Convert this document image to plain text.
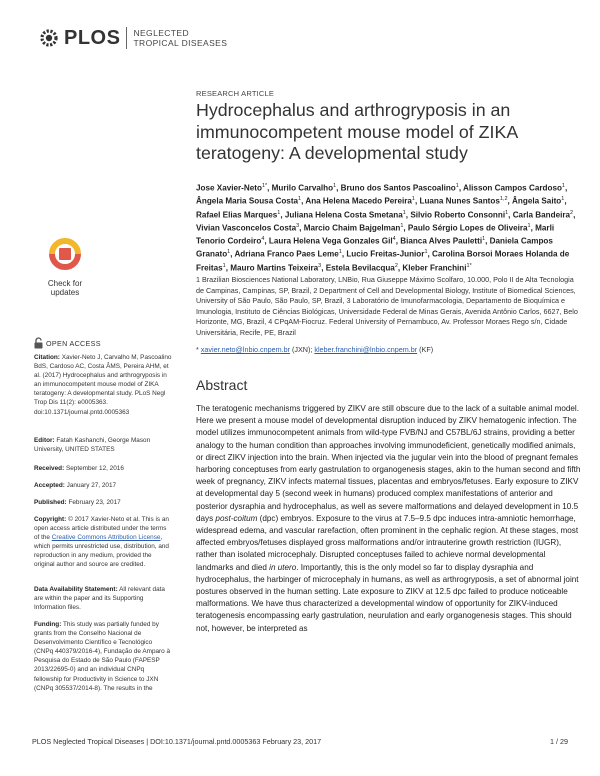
PLOS NEGLECTED
TROPICAL DISEASES
RESEARCH ARTICLE
Hydrocephalus and arthrogryposis in an immunocompetent mouse model of ZIKA teratogeny: A developmental study
Jose Xavier-Neto$^{1*}$, Murilo Carvalho$^1$, Bruno dos Santos Pascoalino$^1$, Alisson Campos Cardoso$^1$, Ângela Maria Sousa Costa$^1$, Ana Helena Macedo Pereira$^1$, Luana Nunes Santos$^{1,2}$, Ângela Saito$^1$, Rafael Elias Marques$^1$, Juliana Helena Costa Smetana$^1$, Silvio Roberto Consonni$^1$, Carla Bandeira$^2$, Vivian Vasconcelos Costa$^3$, Marcio Chaim Bajgelman$^1$, Paulo Sérgio Lopes de Oliveira$^1$, Marli Tenorio Cordeiro$^4$, Laura Helena Vega Gonzales Gil$^4$, Bianca Alves Pauletti$^1$, Daniela Campos Granato$^1$, Adriana Franco Paes Leme$^1$, Lucio Freitas-Junior$^1$, Carolina Borsoi Moraes Holanda de Freitas$^1$, Mauro Martins Teixeira$^3$, Estela Bevilacqua$^2$, Kleber Franchini$^{1*}$
1 Brazilian Biosciences National Laboratory, LNBio, Rua Giuseppe Máximo Scolfaro, 10.000, Polo II de Alta Tecnologia de Campinas, Campinas, SP, Brazil, 2 Department of Cell and Developmental Biology, Institute of Biomedical Sciences, University of São Paulo, São Paulo, SP, Brazil, 3 Laboratório de Imunofarmacologia, Departamento de Bioquímica e Imunologia, Instituto de Ciências Biológicas, Universidade Federal de Minas Gerais, Avenida Antônio Carlos, 6627, Belo Horizonte, MG, Brazil, 4 CPqAM-Fiocruz. Federal University of Pernambuco, Av. Professor Moraes Rego s/n, Cidade Universitária, Recife, PE, Brazil
* xavier.neto@lnbio.cnpem.br (JXN); kleber.franchini@lnbio.cnpem.br (KF)
Abstract
The teratogenic mechanisms triggered by ZIKV are still obscure due to the lack of a suitable animal model. Here we present a mouse model of developmental disruption induced by ZIKV hematogenic infection. The model utilizes immunocompetent animals from wild-type FVB/NJ and C57BL/6J strains, providing a better analogy to the human condition than approaches involving immunodeficient, genetically modified animals, or direct ZIKV injection into the brain. When injected via the jugular vein into the blood of pregnant females harboring conceptuses from early gastrulation to organogenesis stages, akin to the human second and fifth week of pregnancy, ZIKV infects maternal tissues, placentas and embryos/fetuses. Early exposure to ZIKV at developmental day 5 (second week in humans) produced complex manifestations of anterior and posterior dysraphia and hydrocephalus, as well as severe malformations and delayed development in 10.5 days post-coitum (dpc) embryos. Exposure to the virus at 7.5–9.5 dpc induces intra-amniotic hemorrhage, widespread edema, and vascular rarefaction, often prominent in the cephalic region. At these stages, most affected embryos/fetuses displayed gross malformations and/or intrauterine growth restriction (IUGR), rather than isolated microcephaly. Disrupted conceptuses failed to achieve normal developmental landmarks and died in utero. Importantly, this is the only model so far to display dysraphia and hydrocephalus, the harbinger of microcephaly in humans, as well as arthrogryposis, a set of abnormal joint postures observed in the human setting. Late exposure to ZIKV at 12.5 dpc failed to produce noticeable malformations. We have thus characterized a developmental window of opportunity for ZIKV-induced teratogenesis encompassing early gastrulation, neurulation and early organogenesis stages. This should not, however, be interpreted as
Check for
updates
OPEN ACCESS
Citation: Xavier-Neto J, Carvalho M, Pascoalino BdS, Cardoso AC, Costa ÂMS, Pereira AHM, et al. (2017) Hydrocephalus and arthrogryposis in an immunocompetent mouse model of ZIKA teratogeny: A developmental study. PLoS Negl Trop Dis 11(2): e0005363. doi:10.1371/journal.pntd.0005363
Editor: Fatah Kashanchi, George Mason University, UNITED STATES
Received: September 12, 2016
Accepted: January 27, 2017
Published: February 23, 2017
Copyright: © 2017 Xavier-Neto et al. This is an open access article distributed under the terms of the Creative Commons Attribution License, which permits unrestricted use, distribution, and reproduction in any medium, provided the original author and source are credited.
Data Availability Statement: All relevant data are within the paper and its Supporting Information files.
Funding: This study was partially funded by grants from the Conselho Nacional de Desenvolvimento Científico e Tecnológico (CNPq 440379/2016-4), Fundação de Amparo à Pesquisa do Estado de São Paulo (FAPESP 2013/22695-0) and an individual CNPq fellowship for Productivity in Science to JXN (CNPq 305537/2014-8). The results in the
PLOS Neglected Tropical Diseases | DOI:10.1371/journal.pntd.0005363 February 23, 2017	1 / 29
